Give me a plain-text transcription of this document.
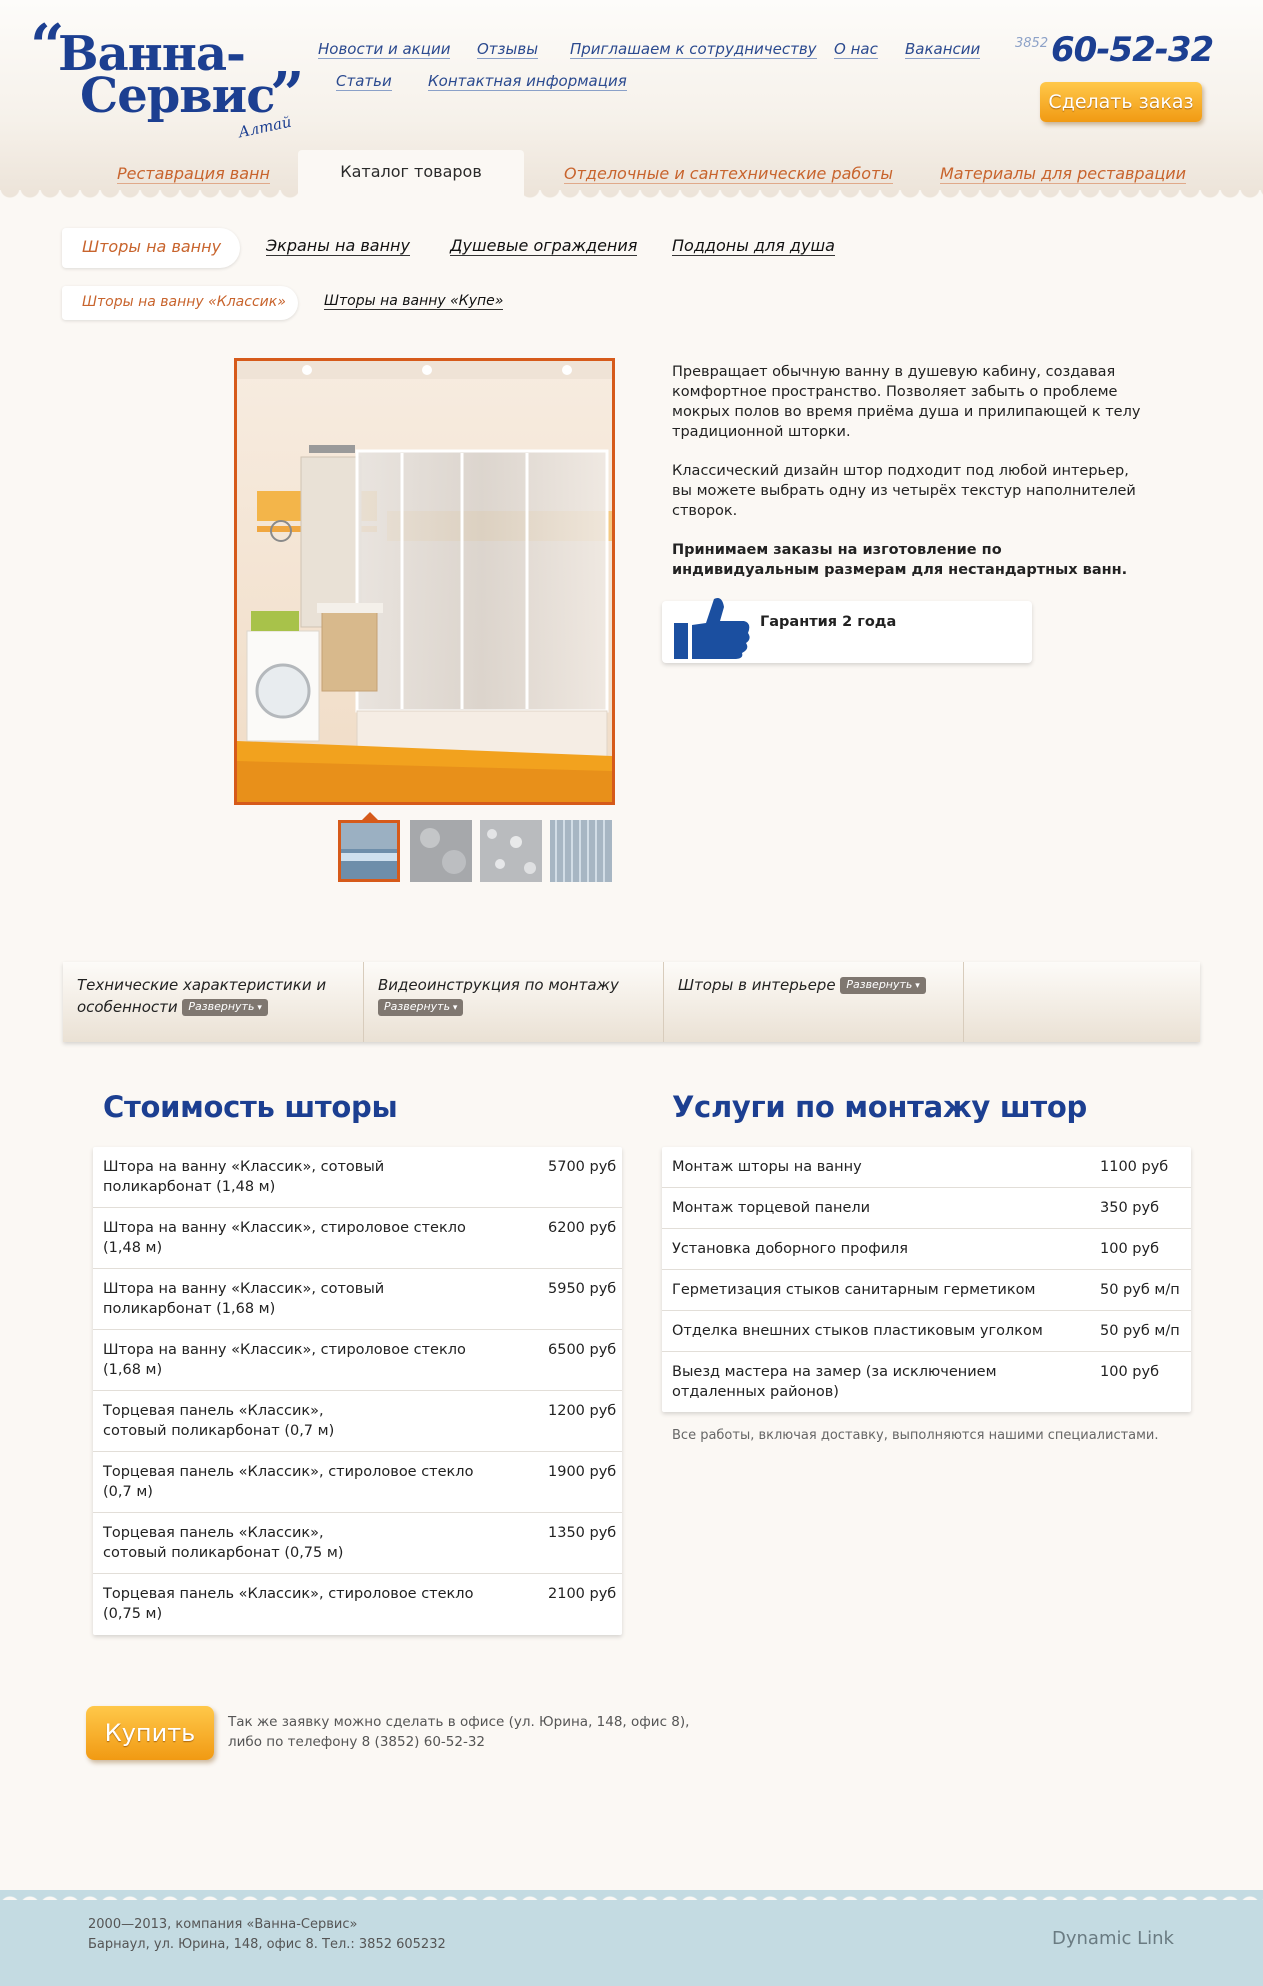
“
Ванна-
Сервис
”
Алтай
Новости и акции Отзывы Приглашаем к сотрудничеству О нас Вакансии
Статьи Контактная информация
3852 60-52-32
Сделать заказ
Реставрация ванн	Каталог товаров	Отделочные и сантехнические работы	Материалы для реставрации
Шторы на ванну	Экраны на ванну	Душевые ограждения Поддоны для душа
Шторы на ванну «Классик»	Шторы на ванну «Купе»

Превращает обычную ванну в душевую кабину, создавая комфортное пространство. Позволяет забыть о проблеме мокрых полов во время приёма душа и прилипающей к телу традиционной шторки.

Классический дизайн штор подходит под любой интерьер, вы можете выбрать одну из четырёх текстур наполнителей створок.

Принимаем заказы на изготовление по индивидуальным размерам для нестандартных ванн.

Гарантия 2 года
Технические характеристики и
особенности Развернуть ▾
Видеоинструкция по монтажу
Развернуть ▾
Шторы в интерьере Развернуть ▾
Стоимость шторы
Штора на ванну «Классик», сотовый поликарбонат (1,48 м)
5700 руб
Штора на ванну «Классик», стироловое стекло (1,48 м)
6200 руб
Штора на ванну «Классик», сотовый поликарбонат (1,68 м)
5950 руб
Штора на ванну «Классик», стироловое стекло (1,68 м)
6500 руб
Торцевая панель «Классик», сотовый поликарбонат (0,7 м)
1200 руб
Торцевая панель «Классик», стироловое стекло (0,7 м)
1900 руб
Торцевая панель «Классик», сотовый поликарбонат (0,75 м)
1350 руб
Торцевая панель «Классик», стироловое стекло (0,75 м)
2100 руб
Услуги по монтажу штор
Монтаж шторы на ванну	1100 руб
Монтаж торцевой панели	350 руб
Установка доборного профиля	100 руб
Герметизация стыков санитарным герметиком	50 руб м/п
Отделка внешних стыков пластиковым уголком	50 руб м/п
Выезд мастера на замер (за исключением отдаленных районов)
100 руб
Все работы, включая доставку, выполняются нашими специалистами.
Купить	Так же заявку можно сделать в офисе (ул. Юрина, 148, офис 8),
либо по телефону 8 (3852) 60-52-32
2000—2013, компания «Ванна-Сервис»
Барнаул, ул. Юрина, 148, офис 8. Тел.: 3852 605232	Dynamic Link
